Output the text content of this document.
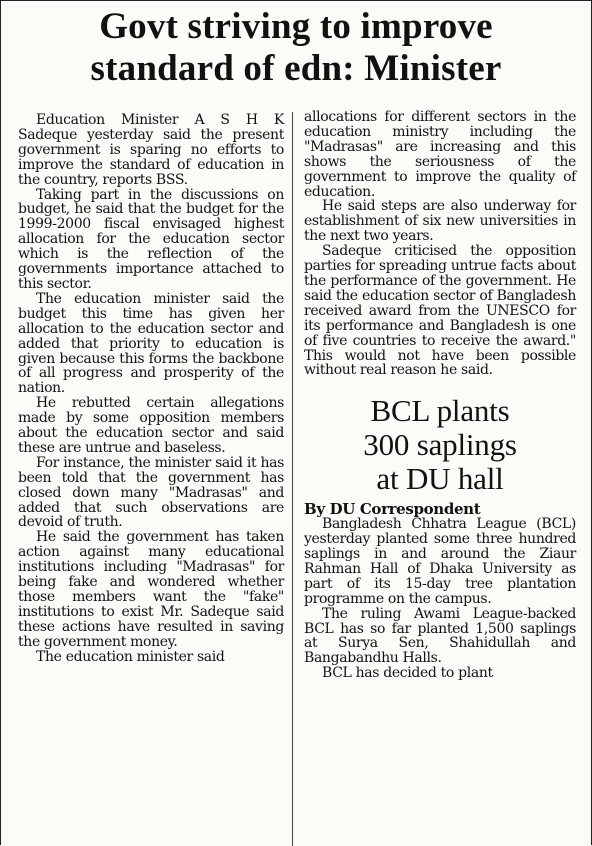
Govt striving to improve
standard of edn: Minister

Education Minister A S H K Sadeque yesterday said the present government is sparing no efforts to improve the standard of education in the country, reports BSS.

Taking part in the discussions on budget, he said that the budget for the 1999-2000 fiscal envisaged highest allocation for the education sector which is the reflection of the governments importance attached to this sector.

The education minister said the budget this time has given her allocation to the education sector and added that priority to education is given because this forms the backbone of all progress and prosperity of the nation.

He rebutted certain allegations made by some opposition members about the education sector and said these are untrue and baseless.

For instance, the minister said it has been told that the government has closed down many "Madrasas" and added that such observations are devoid of truth.

He said the government has taken action against many educational institutions including "Madrasas" for being fake and wondered whether those members want the "fake" institutions to exist Mr. Sadeque said these actions have resulted in saving the government money.

The education minister said

allocations for different sectors in the education ministry including the "Madrasas" are increasing and this shows the seriousness of the government to improve the quality of education.

He said steps are also underway for establishment of six new universities in the next two years.

Sadeque criticised the opposition parties for spreading untrue facts about the performance of the government. He said the education sector of Bangladesh received award from the UNESCO for its performance and Bangladesh is one of five countries to receive the award." This would not have been possible without real reason he said.

BCL plants
300 saplings
at DU hall

By DU Correspondent

Bangladesh Chhatra League (BCL) yesterday planted some three hundred saplings in and around the Ziaur Rahman Hall of Dhaka University as part of its 15-day tree plantation programme on the campus.

The ruling Awami League-backed BCL has so far planted 1,500 saplings at Surya Sen, Shahidullah and Bangabandhu Halls.

BCL has decided to plant
